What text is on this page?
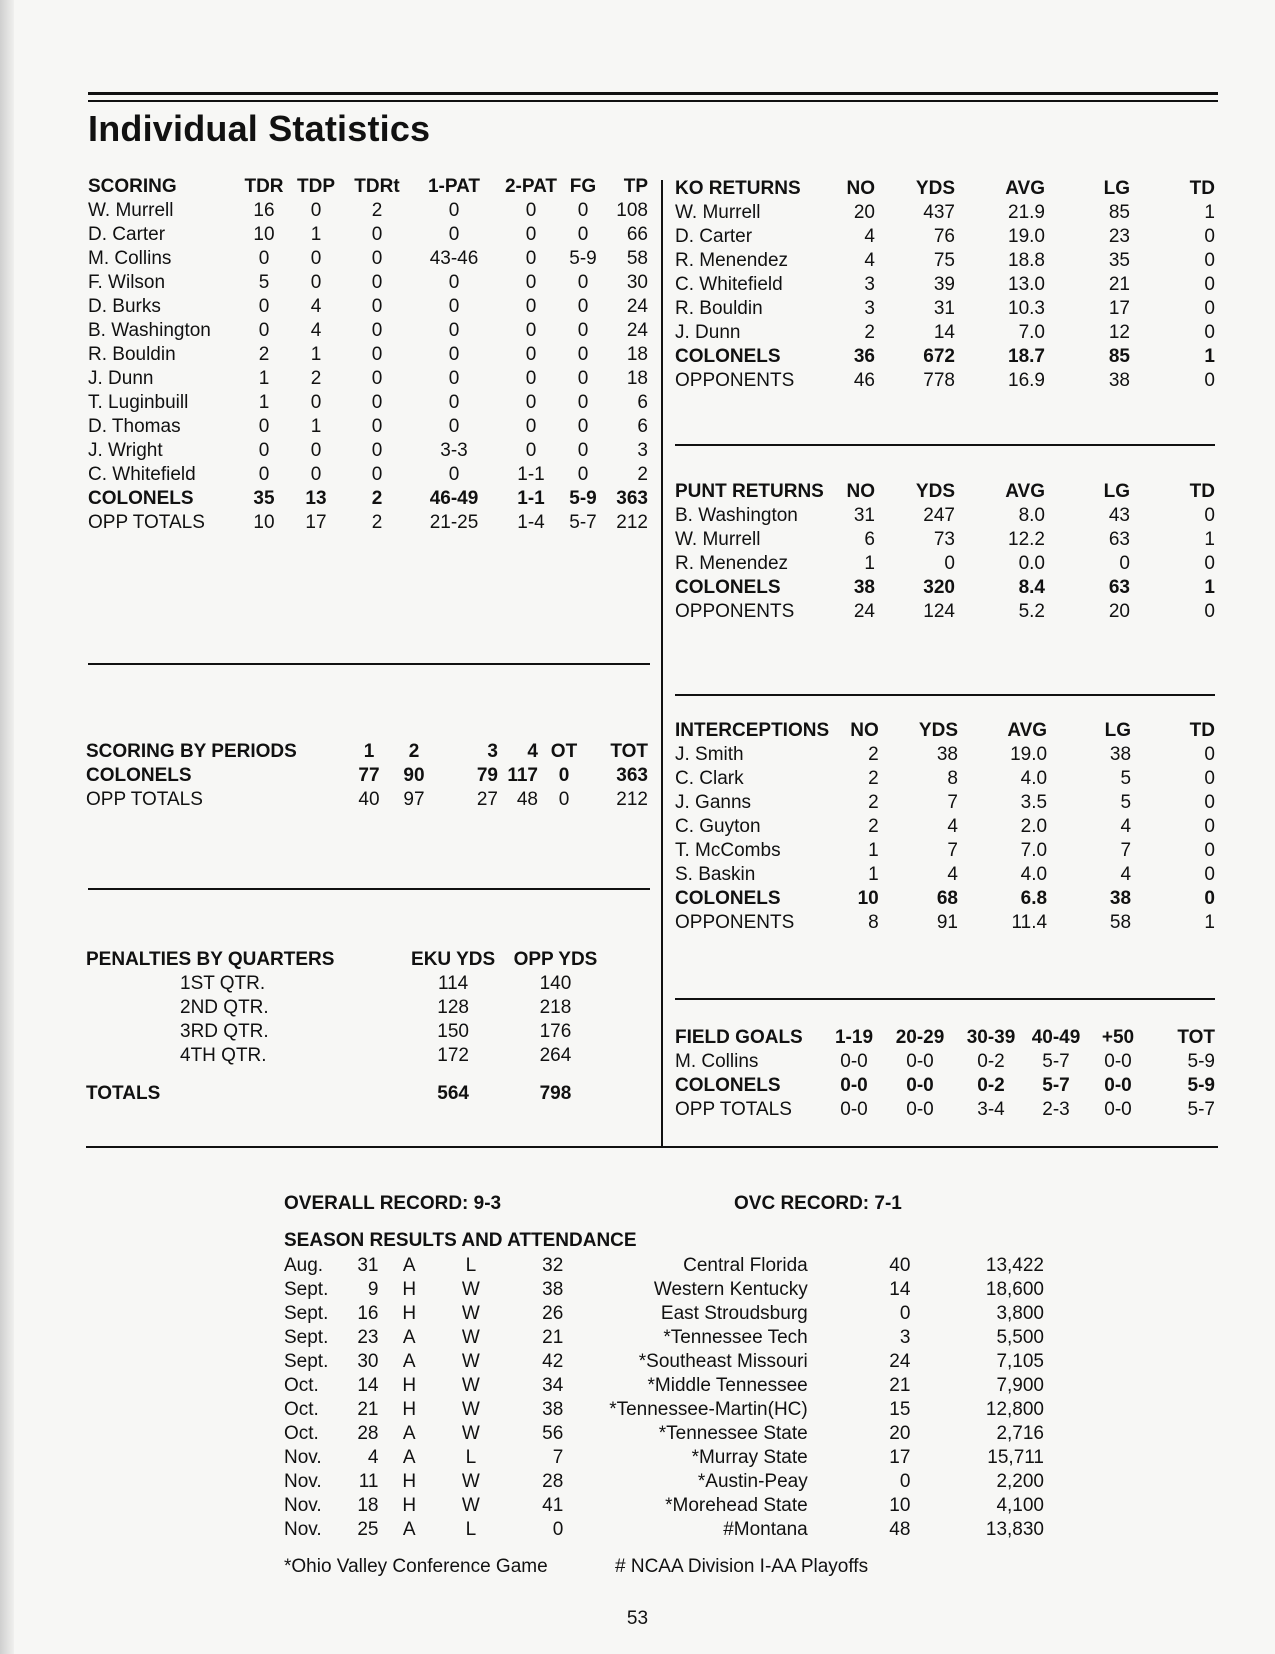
Individual Statistics
SCORING	TDR	TDP	TDRt	1-PAT	2-PAT	FG	TP
W. Murrell	16	0	2	0	0	0	108
D. Carter	10	1	0	0	0	0	66
M. Collins	0	0	0	43-46	0	5-9	58
F. Wilson	5	0	0	0	0	0	30
D. Burks	0	4	0	0	0	0	24
B. Washington	0	4	0	0	0	0	24
R. Bouldin	2	1	0	0	0	0	18
J. Dunn	1	2	0	0	0	0	18
T. Luginbuill	1	0	0	0	0	0	6
D. Thomas	0	1	0	0	0	0	6
J. Wright	0	0	0	3-3	0	0	3
C. Whitefield	0	0	0	0	1-1	0	2
COLONELS	35	13	2	46-49	1-1	5-9	363
OPP TOTALS	10	17	2	21-25	1-4	5-7	212
KO RETURNS	NO	YDS	AVG	LG	TD
W. Murrell	20	437	21.9	85	1
D. Carter	4	76	19.0	23	0
R. Menendez	4	75	18.8	35	0
C. Whitefield	3	39	13.0	21	0
R. Bouldin	3	31	10.3	17	0
J. Dunn	2	14	7.0	12	0
COLONELS	36	672	18.7	85	1
OPPONENTS	46	778	16.9	38	0
PUNT RETURNS	NO	YDS	AVG	LG	TD
B. Washington	31	247	8.0	43	0
W. Murrell	6	73	12.2	63	1
R. Menendez	1	0	0.0	0	0
COLONELS	38	320	8.4	63	1
OPPONENTS	24	124	5.2	20	0
INTERCEPTIONS	NO	YDS	AVG	LG	TD
J. Smith	2	38	19.0	38	0
C. Clark	2	8	4.0	5	0
J. Ganns	2	7	3.5	5	0
C. Guyton	2	4	2.0	4	0
T. McCombs	1	7	7.0	7	0
S. Baskin	1	4	4.0	4	0
COLONELS	10	68	6.8	38	0
OPPONENTS	8	91	11.4	58	1
FIELD GOALS	1-19	20-29	30-39	40-49	+50	TOT
M. Collins	0-0	0-0	0-2	5-7	0-0	5-9
COLONELS	0-0	0-0	0-2	5-7	0-0	5-9
OPP TOTALS	0-0	0-0	3-4	2-3	0-0	5-7
SCORING BY PERIODS	1	2	3	4	OT	TOT
COLONELS	77	90	79	117	0	363
OPP TOTALS	40	97	27	48	0	212
PENALTIES BY QUARTERS	EKU YDS	OPP YDS
1ST QTR.	114	140
2ND QTR.	128	218
3RD QTR.	150	176
4TH QTR.	172	264
TOTALS	564	798
OVERALL RECORD: 9-3	OVC RECORD: 7-1
SEASON RESULTS AND ATTENDANCE
Aug.	31	A	L	32	Central Florida	40	13,422
Sept.	9	H	W	38	Western Kentucky	14	18,600
Sept.	16	H	W	26	East Stroudsburg	0	3,800
Sept.	23	A	W	21	*Tennessee Tech	3	5,500
Sept.	30	A	W	42	*Southeast Missouri	24	7,105
Oct.	14	H	W	34	*Middle Tennessee	21	7,900
Oct.	21	H	W	38	*Tennessee-Martin(HC)	15	12,800
Oct.	28	A	W	56	*Tennessee State	20	2,716
Nov.	4	A	L	7	*Murray State	17	15,711
Nov.	11	H	W	28	*Austin-Peay	0	2,200
Nov.	18	H	W	41	*Morehead State	10	4,100
Nov.	25	A	L	0	#Montana	48	13,830
*Ohio Valley Conference Game	# NCAA Division I-AA Playoffs
53
